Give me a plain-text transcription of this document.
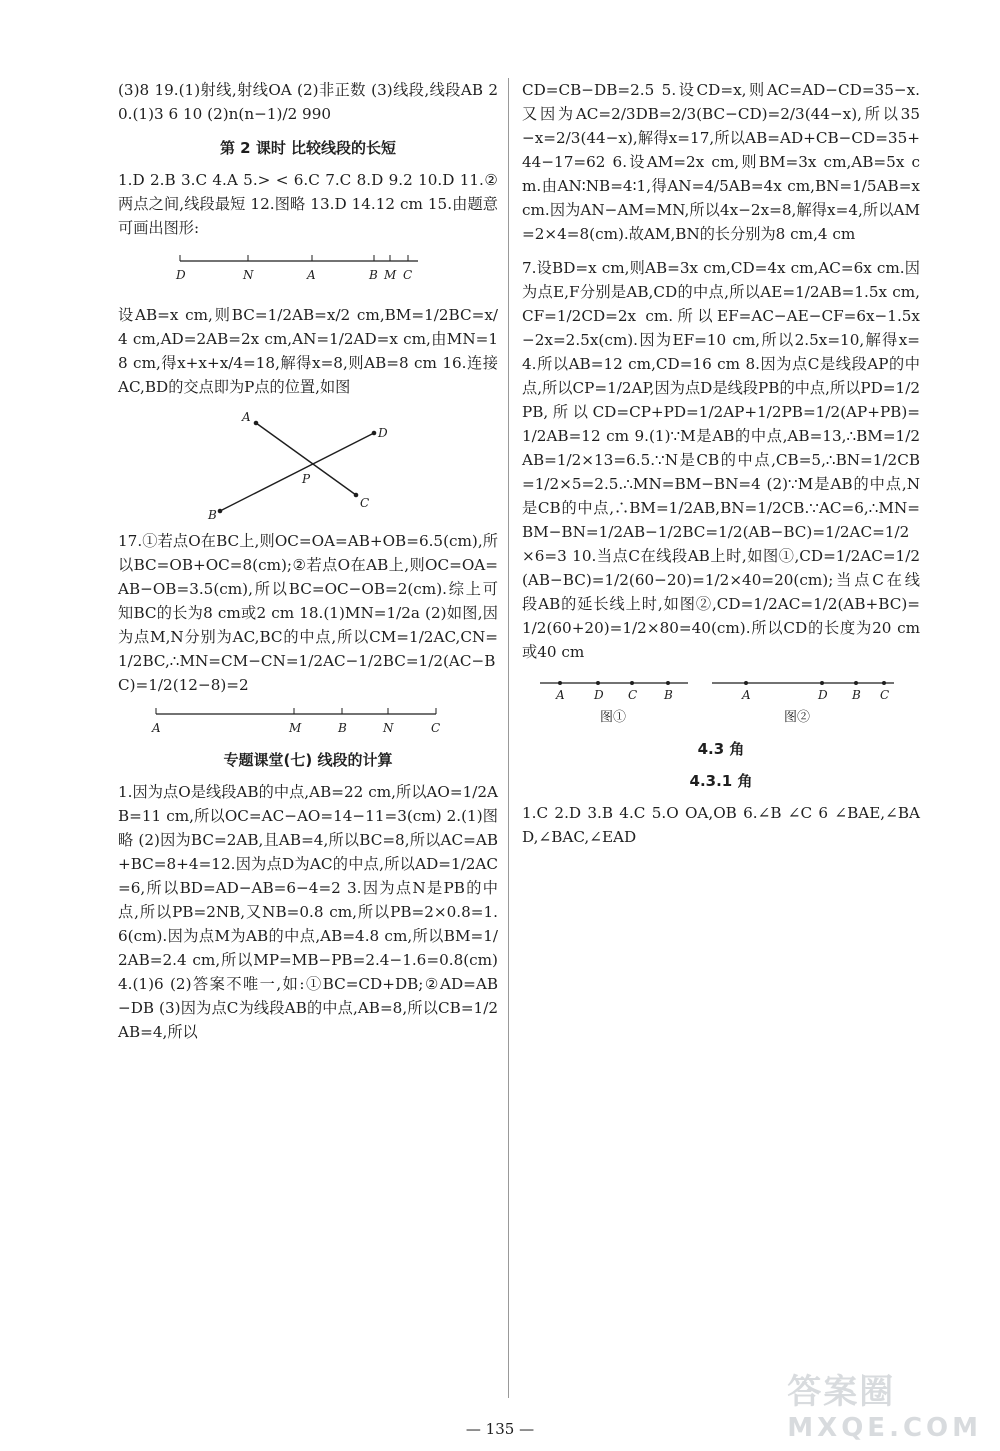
(3)8 19.(1)射线,射线OA (2)非正数 (3)线段,线段AB 20.(1)3 6 10 (2)n(n−1)/2 990

第 2 课时 比较线段的长短

1.D 2.B 3.C 4.A 5.> < 6.C 7.C 8.D 9.2 10.D 11.② 两点之间,线段最短 12.图略 13.D 14.12 cm 15.由题意可画出图形:

D	N	A	B M C

设AB=x cm,则BC=1/2AB=x/2 cm,BM=1/2BC=x/4 cm,AD=2AB=2x cm,AN=1/2AD=x cm,由MN=18 cm,得x+x+x/4=18,解得x=8,则AB=8 cm 16.连接AC,BD的交点即为P点的位置,如图

A
D
P
B
C

17.①若点O在BC上,则OC=OA=AB+OB=6.5(cm),所以BC=OB+OC=8(cm);②若点O在AB上,则OC=OA=AB−OB=3.5(cm),所以BC=OC−OB=2(cm).综上可知BC的长为8 cm或2 cm 18.(1)MN=1/2a (2)如图,因为点M,N分别为AC,BC的中点,所以CM=1/2AC,CN=1/2BC,∴MN=CM−CN=1/2AC−1/2BC=1/2(AC−BC)=1/2(12−8)=2

A	M	B	N	C
专题课堂(七) 线段的计算

1.因为点O是线段AB的中点,AB=22 cm,所以AO=1/2AB=11 cm,所以OC=AC−AO=14−11=3(cm) 2.(1)图略 (2)因为BC=2AB,且AB=4,所以BC=8,所以AC=AB+BC=8+4=12.因为点D为AC的中点,所以AD=1/2AC=6,所以BD=AD−AB=6−4=2 3.因为点N是PB的中点,所以PB=2NB,又NB=0.8 cm,所以PB=2×0.8=1.6(cm).因为点M为AB的中点,AB=4.8 cm,所以BM=1/2AB=2.4 cm,所以MP=MB−PB=2.4−1.6=0.8(cm) 4.(1)6 (2)答案不唯一,如:①BC=CD+DB;②AD=AB−DB (3)因为点C为线段AB的中点,AB=8,所以CB=1/2AB=4,所以

CD=CB−DB=2.5 5.设CD=x,则AC=AD−CD=35−x.又因为AC=2/3DB=2/3(BC−CD)=2/3(44−x),所以35−x=2/3(44−x),解得x=17,所以AB=AD+CB−CD=35+44−17=62 6.设AM=2x cm,则BM=3x cm,AB=5x cm.由AN∶NB=4∶1,得AN=4/5AB=4x cm,BN=1/5AB=x cm.因为AN−AM=MN,所以4x−2x=8,解得x=4,所以AM=2×4=8(cm).故AM,BN的长分别为8 cm,4 cm

7.设BD=x cm,则AB=3x cm,CD=4x cm,AC=6x cm.因为点E,F分别是AB,CD的中点,所以AE=1/2AB=1.5x cm,CF=1/2CD=2x cm.所以EF=AC−AE−CF=6x−1.5x−2x=2.5x(cm).因为EF=10 cm,所以2.5x=10,解得x=4.所以AB=12 cm,CD=16 cm 8.因为点C是线段AP的中点,所以CP=1/2AP,因为点D是线段PB的中点,所以PD=1/2PB,所以CD=CP+PD=1/2AP+1/2PB=1/2(AP+PB)=1/2AB=12 cm 9.(1)∵M是AB的中点,AB=13,∴BM=1/2AB=1/2×13=6.5.∵N是CB的中点,CB=5,∴BN=1/2CB=1/2×5=2.5.∴MN=BM−BN=4 (2)∵M是AB的中点,N是CB的中点,∴BM=1/2AB,BN=1/2CB.∵AC=6,∴MN=BM−BN=1/2AB−1/2BC=1/2(AB−BC)=1/2AC=1/2×6=3 10.当点C在线段AB上时,如图①,CD=1/2AC=1/2(AB−BC)=1/2(60−20)=1/2×40=20(cm);当点C在线段AB的延长线上时,如图②,CD=1/2AC=1/2(AB+BC)=1/2(60+20)=1/2×80=40(cm).所以CD的长度为20 cm或40 cm

A D C B
图①
A	D B C
图②
4.3 角
4.3.1 角

1.C 2.D 3.B 4.C 5.O OA,OB 6.∠B ∠C 6 ∠BAE,∠BAD,∠BAC,∠EAD

— 135 —
答案圈
MXQE.COM
